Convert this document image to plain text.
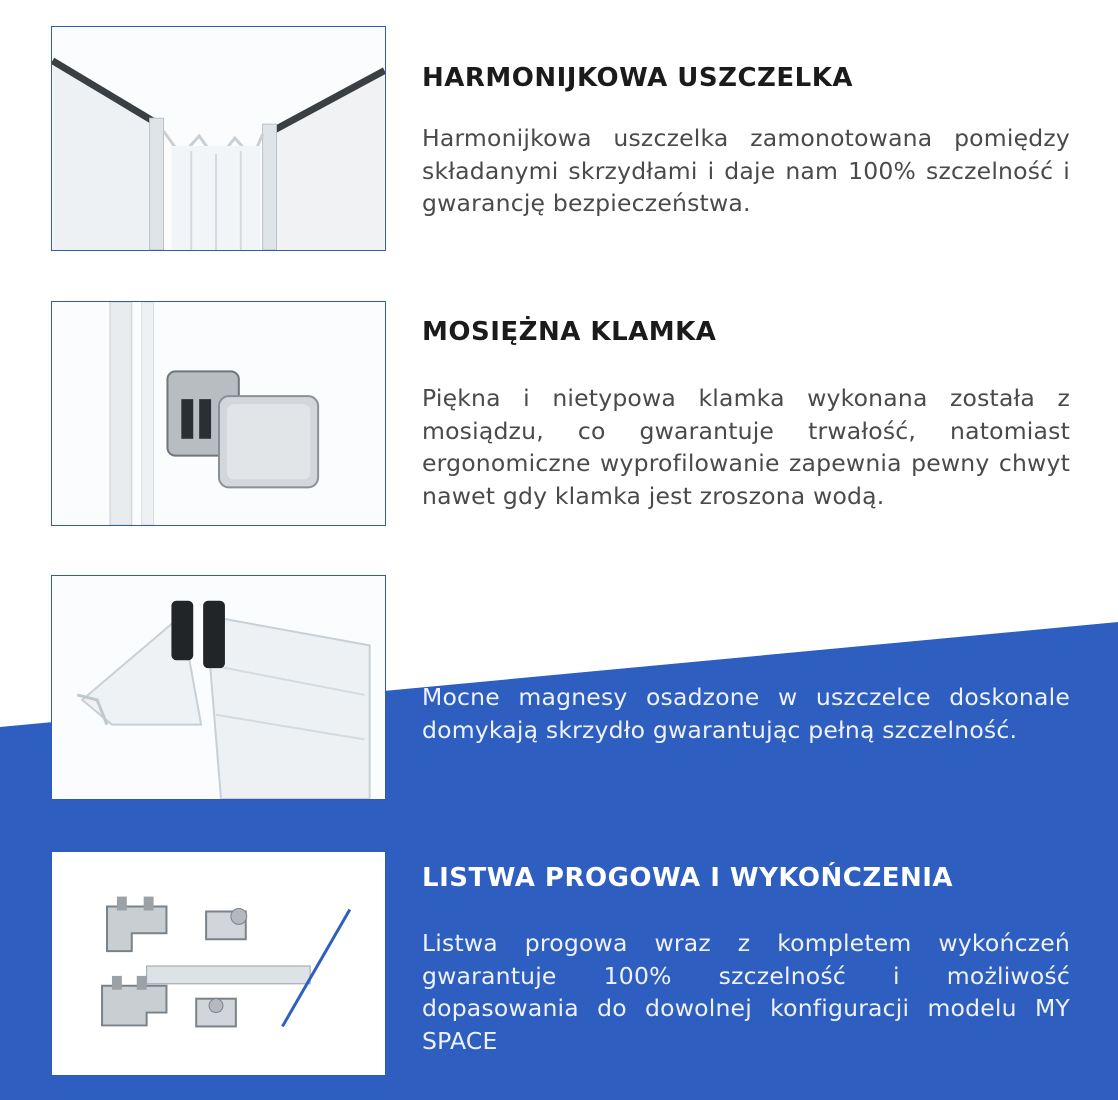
HARMONIJKOWA USZCZELKA

Harmonijkowa uszczelka zamonotowana pomiędzy składanymi skrzydłami i daje nam 100% szczelność i gwarancję bezpieczeństwa.

MOSIĘŻNA KLAMKA

Piękna i nietypowa klamka wykonana została z mosiądzu, co gwarantuje trwałość, natomiast ergonomiczne wyprofilowanie zapewnia pewny chwyt nawet gdy klamka jest zroszona wodą.

USZCZELKA MAGNETYCZNA

Mocne magnesy osadzone w uszczelce doskonale domykają skrzydło gwarantując pełną szczelność.

LISTWA PROGOWA I WYKOŃCZENIA

Listwa progowa wraz z kompletem wykończeń gwarantuje 100% szczelność i możliwość dopasowania do dowolnej konfiguracji modelu MY SPACE
